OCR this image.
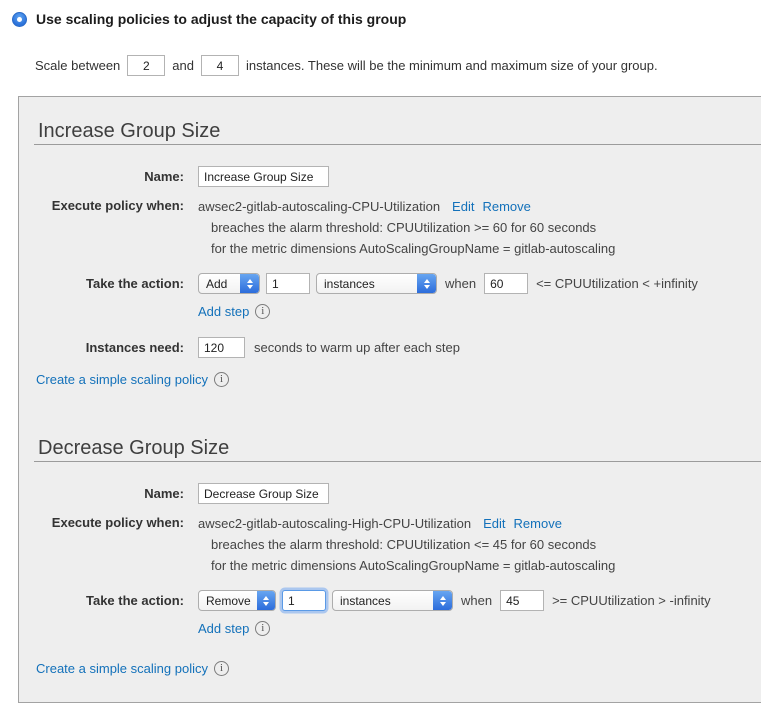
Use scaling policies to adjust the capacity of this group
Scale between
2	and
4	instances. These will be the minimum and maximum size of your group.
Increase Group Size
Name:
Increase Group Size
Execute policy when: awsec2-gitlab-autoscaling-CPU-Utilization Edit Remove
breaches the alarm threshold: CPUUtilization >= 60 for 60 seconds
for the metric dimensions AutoScalingGroupName = gitlab-autoscaling
Take the action:	Add
1	instances	when
60	<= CPUUtilization < +infinity
Add step
i
Instances need:
120	seconds to warm up after each step
Create a simple scaling policy
i
Decrease Group Size
Name:
Decrease Group Size
Execute policy when: awsec2-gitlab-autoscaling-High-CPU-Utilization Edit Remove
breaches the alarm threshold: CPUUtilization <= 45 for 60 seconds
for the metric dimensions AutoScalingGroupName = gitlab-autoscaling
Take the action:	Remove
1	instances	when
45	>= CPUUtilization > -infinity
Add step
i
Create a simple scaling policy
i
